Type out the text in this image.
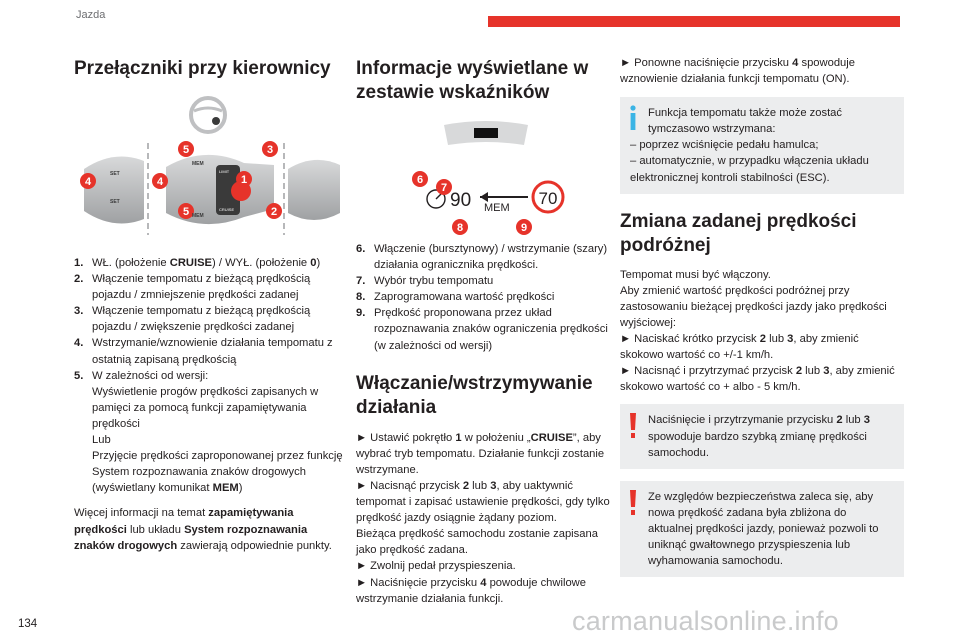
Jazda
Przełączniki przy kierownicy
5	3
4	4	1
5	2
MEM
MEM
SET
SET
LIMIT
CRUISE
1. WŁ. (położenie CRUISE) / WYŁ. (położenie 0)
2. Włączenie tempomatu z bieżącą prędkością pojazdu / zmniejszenie prędkości zadanej
3. Włączenie tempomatu z bieżącą prędkością pojazdu / zwiększenie prędkości zadanej
4. Wstrzymanie/wznowienie działania tempomatu z ostatnią zapisaną prędkością
5. W zależności od wersji:
Wyświetlenie progów prędkości zapisanych w pamięci za pomocą funkcji zapamiętywania prędkości
Lub
Przyjęcie prędkości zaproponowanej przez funkcję System rozpoznawania znaków drogowych (wyświetlany komunikat MEM)

Więcej informacji na temat zapamiętywania prędkości lub układu System rozpoznawania znaków drogowych zawierają odpowiednie punkty.

Informacje wyświetlane w zestawie wskaźników
6
7
8	9
90 MEM 70
6. Włączenie (bursztynowy) / wstrzymanie (szary) działania ogranicznika prędkości.
7. Wybór trybu tempomatu
8. Zaprogramowana wartość prędkości
9. Prędkość proponowana przez układ rozpoznawania znaków ograniczenia prędkości (w zależności od wersji)
Włączanie/wstrzymywanie działania

► Ustawić pokrętło 1 w położeniu „CRUISE”, aby wybrać tryb tempomatu. Działanie funkcji zostanie wstrzymane.

► Nacisnąć przycisk 2 lub 3, aby uaktywnić tempomat i zapisać ustawienie prędkości, gdy tylko prędkość jazdy osiągnie żądany poziom.

Bieżąca prędkość samochodu zostanie zapisana jako prędkość zadana.

► Zwolnij pedał przyspieszenia.

► Naciśnięcie przycisku 4 powoduje chwilowe wstrzymanie działania funkcji.

► Ponowne naciśnięcie przycisku 4 spowoduje wznowienie działania funkcji tempomatu (ON).

Funkcja tempomatu także może zostać tymczasowo wstrzymana:

– poprzez wciśnięcie pedału hamulca;

– automatycznie, w przypadku włączenia układu elektronicznej kontroli stabilności (ESC).

Zmiana zadanej prędkości podróżnej

Tempomat musi być włączony.

Aby zmienić wartość prędkości podróżnej przy zastosowaniu bieżącej prędkości jazdy jako prędkości wyjściowej:

► Naciskać krótko przycisk 2 lub 3, aby zmienić skokowo wartość co +/-1 km/h.

► Nacisnąć i przytrzymać przycisk 2 lub 3, aby zmienić skokowo wartość co + albo - 5 km/h.

Naciśnięcie i przytrzymanie przycisku 2 lub 3 spowoduje bardzo szybką zmianę prędkości samochodu.

Ze względów bezpieczeństwa zaleca się, aby nowa prędkość zadana była zbliżona do aktualnej prędkości jazdy, ponieważ pozwoli to uniknąć gwałtownego przyspieszenia lub wyhamowania samochodu.

134	carmanualsonline.info
